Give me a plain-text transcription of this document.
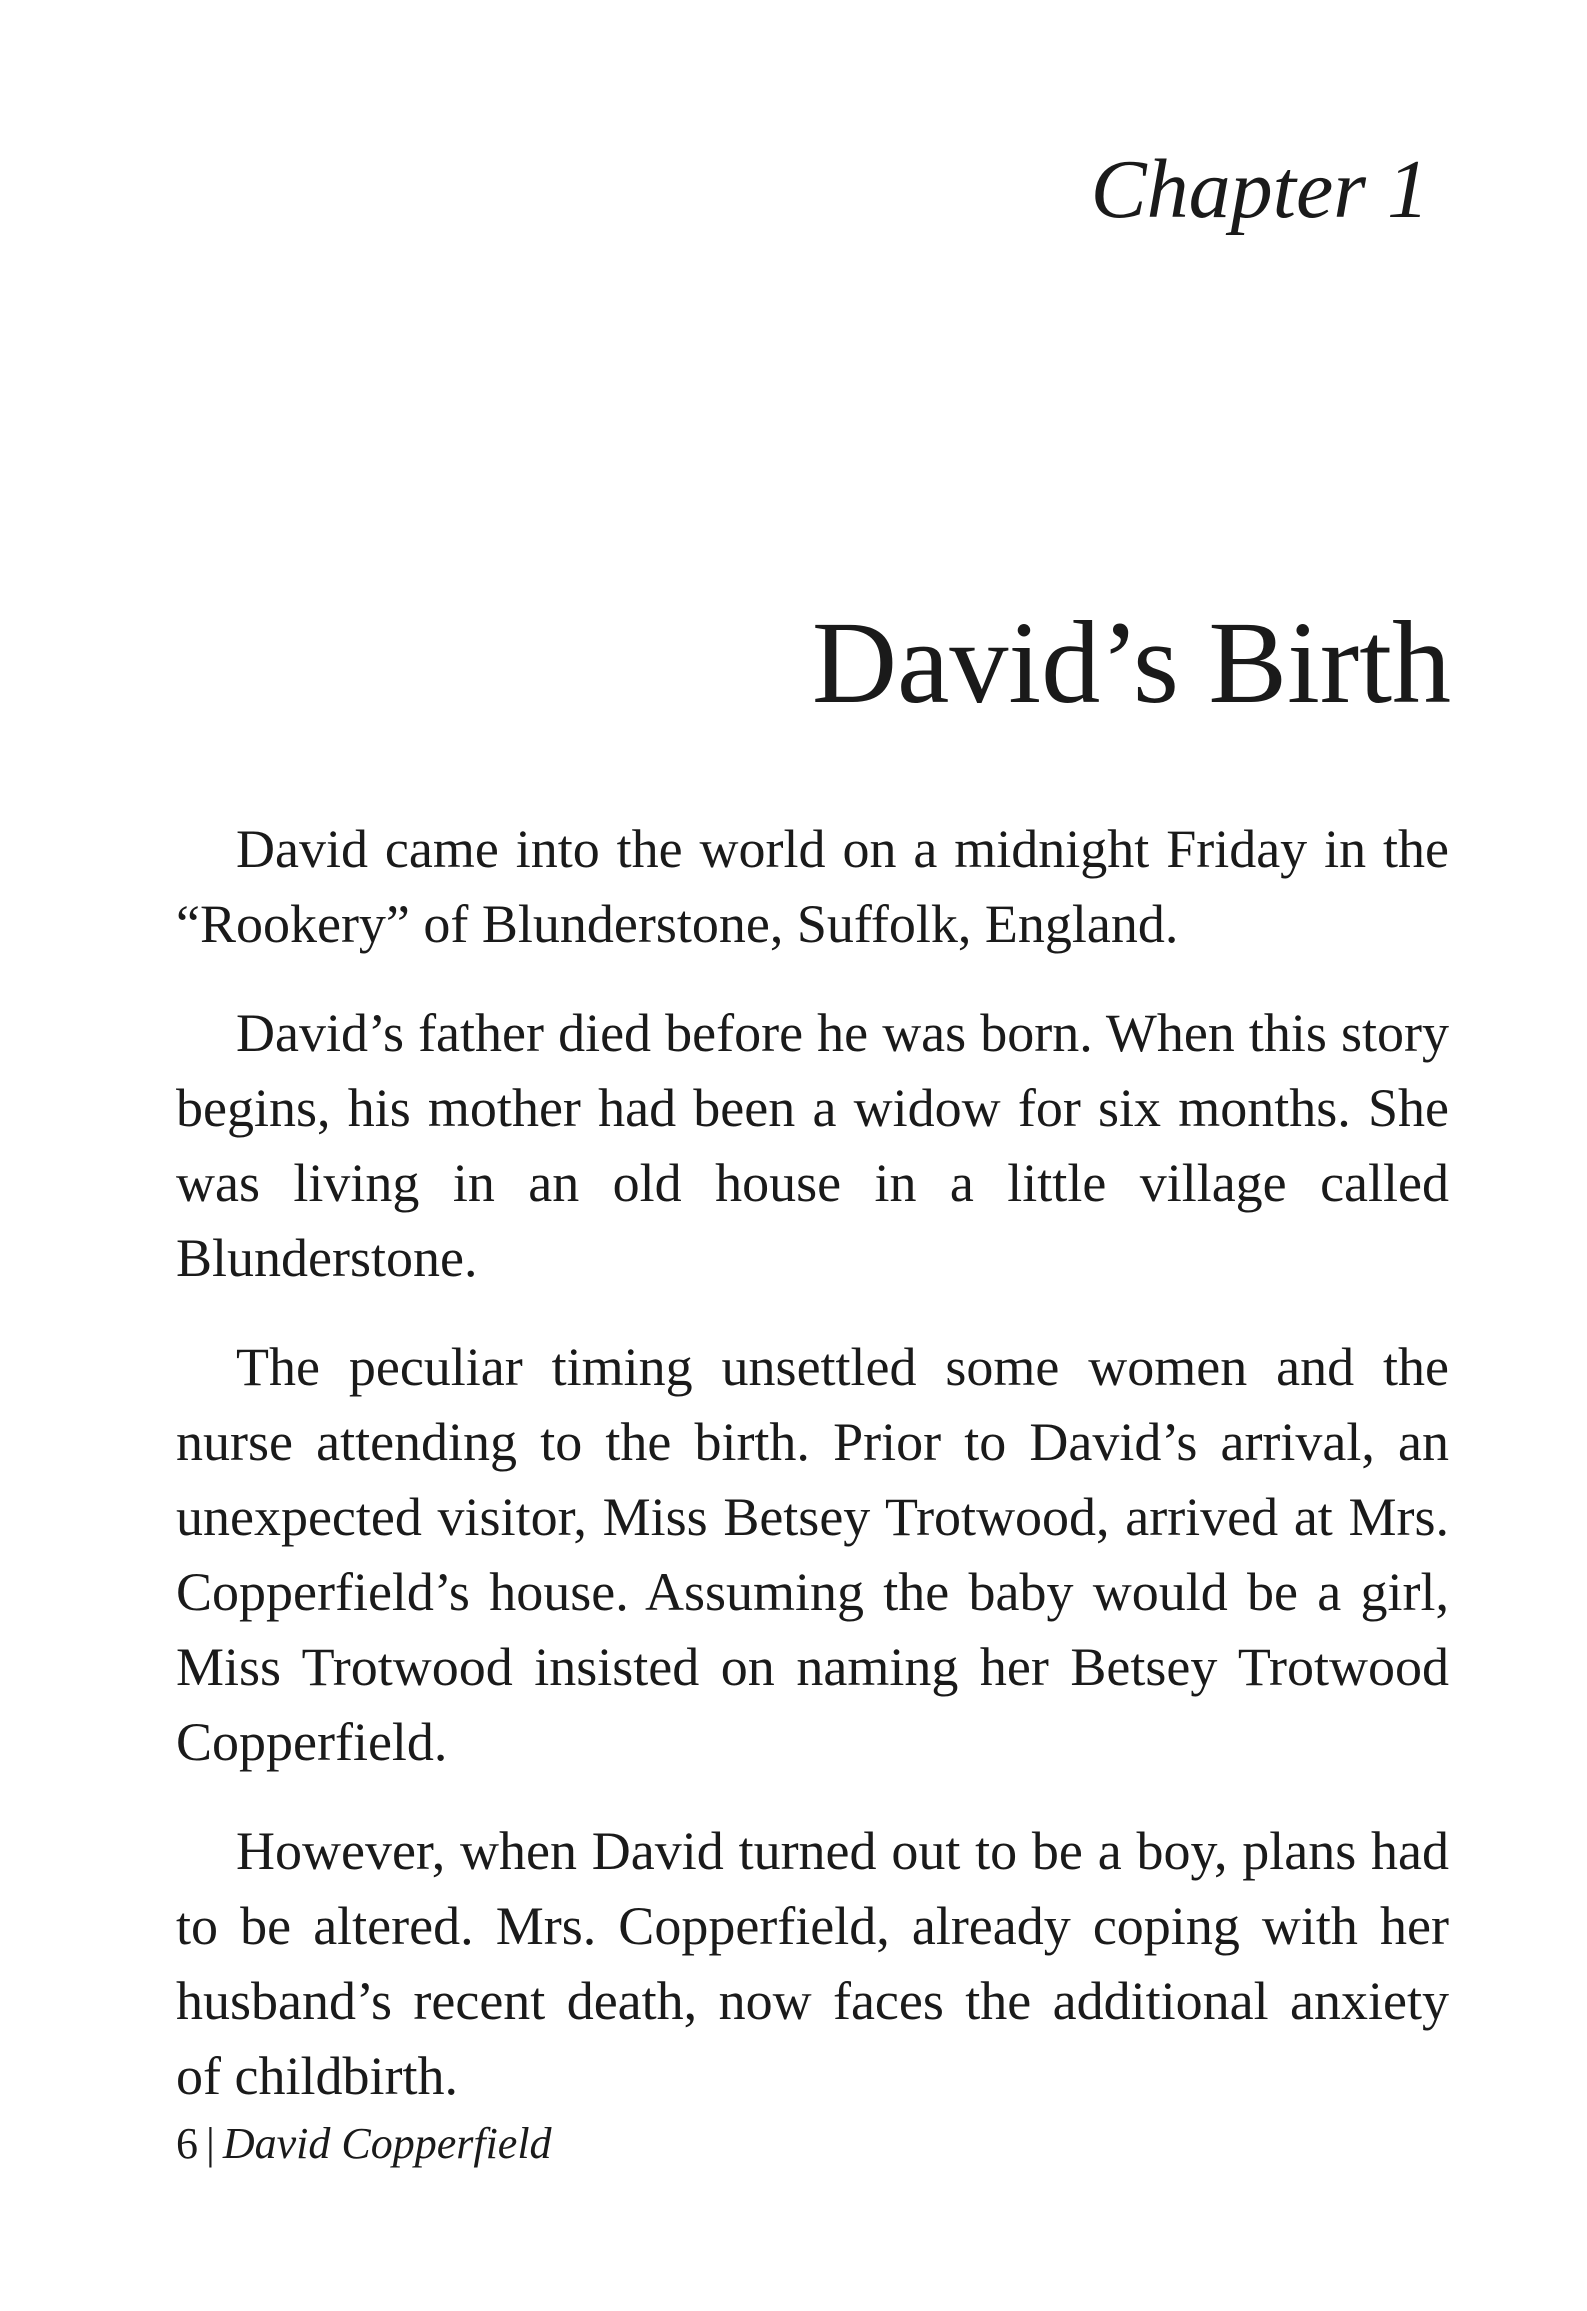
Chapter 1
David’s Birth

David came into the world on a midnight Friday in the “Rookery” of Blunderstone, Suffolk, England.

David’s father died before he was born. When this story begins, his mother had been a widow for six months. She was living in an old house in a little village called Blunderstone.

The peculiar timing unsettled some women and the nurse attending to the birth. Prior to David’s arrival, an unexpected visitor, Miss Betsey Trotwood, arrived at Mrs. Copperfield’s house. Assuming the baby would be a girl, Miss Trotwood insisted on naming her Betsey Trotwood Copperfield.

However, when David turned out to be a boy, plans had to be altered. Mrs. Copperfield, already coping with her husband’s recent death, now faces the additional anxiety of childbirth.

6 | David Copperfield
